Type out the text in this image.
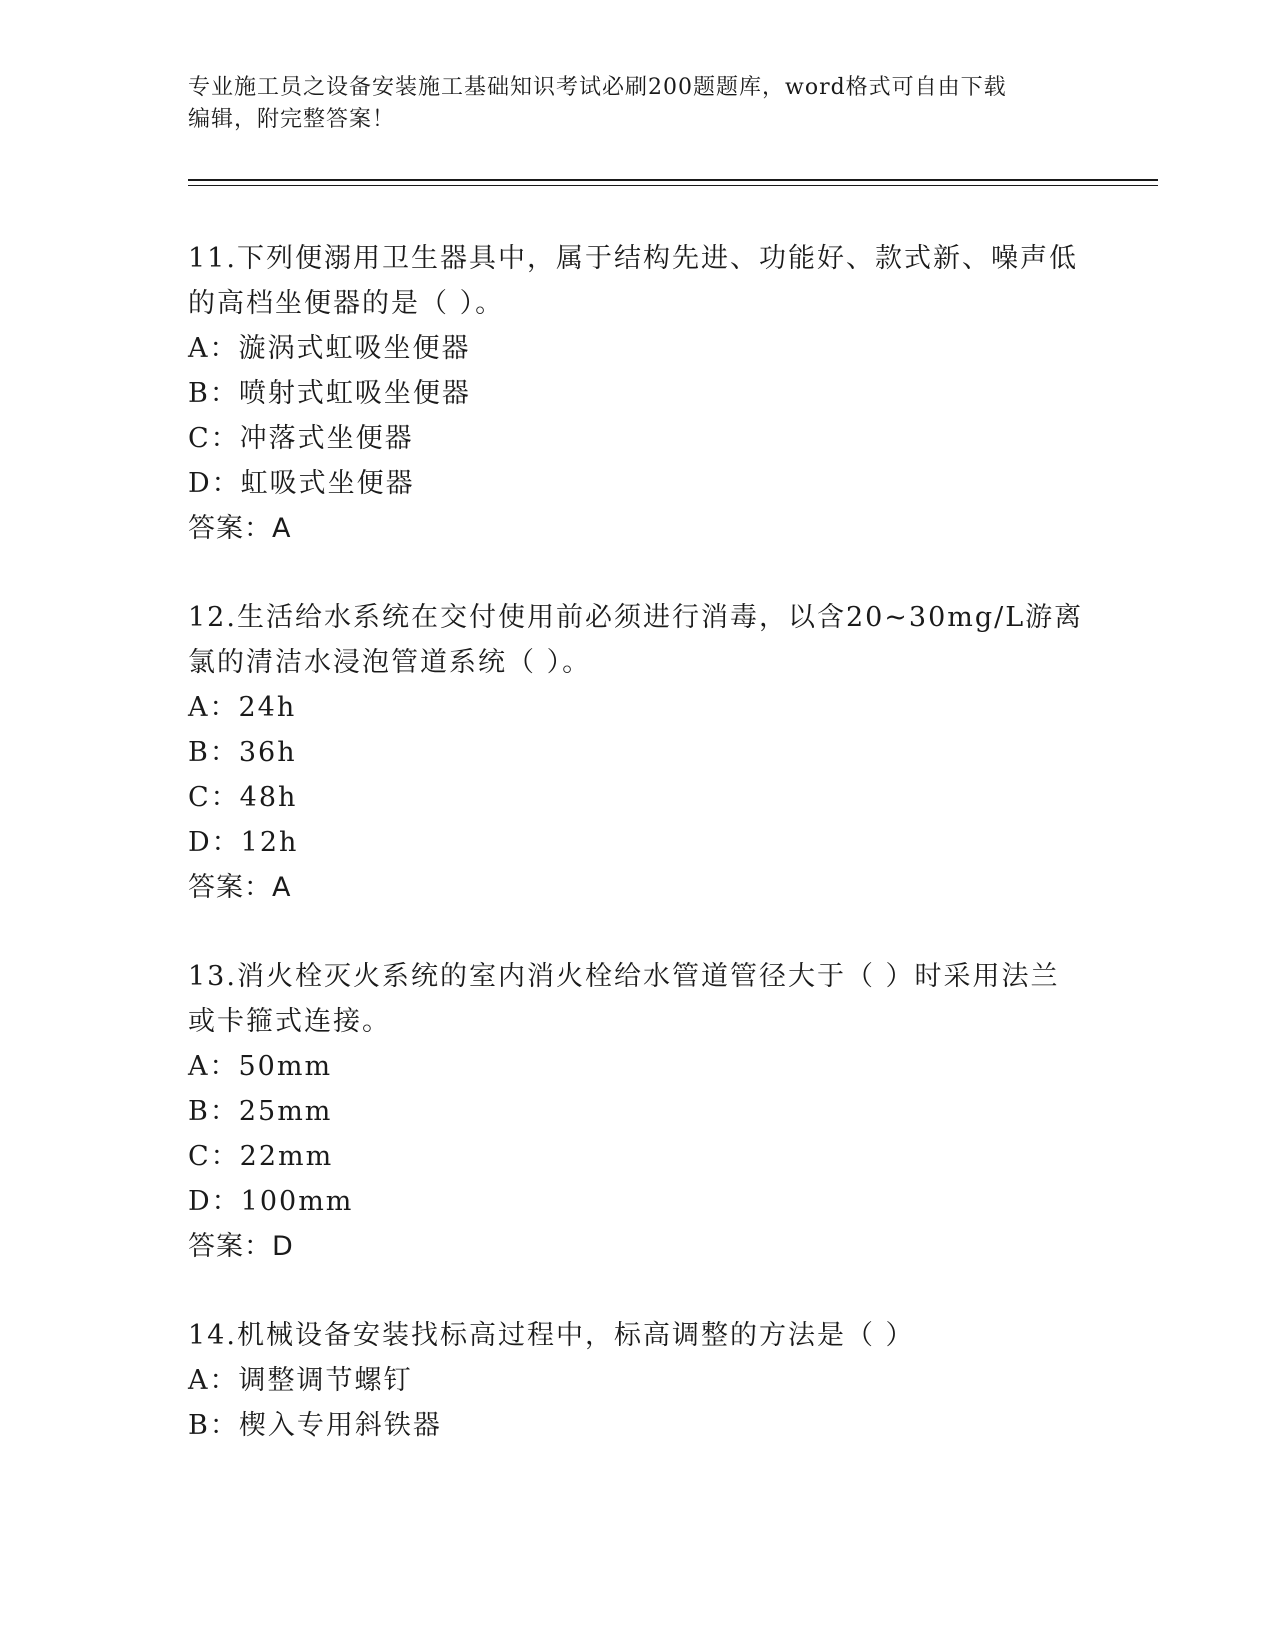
专业施工员之设备安装施工基础知识考试必刷200题题库，word格式可自由下载
编辑，附完整答案！

11.下列便溺用卫生器具中，属于结构先进、功能好、款式新、噪声低的高档坐便器的是（ ）。

A： 漩涡式虹吸坐便器
B： 喷射式虹吸坐便器
C： 冲落式坐便器
D： 虹吸式坐便器

答案：A

12.生活给水系统在交付使用前必须进行消毒，以含20~30mg/L游离氯的清洁水浸泡管道系统（ ）。

A： 24h
B： 36h
C： 48h
D： 12h

答案：A

13.消火栓灭火系统的室内消火栓给水管道管径大于（ ）时采用法兰或卡箍式连接。

A： 50mm
B： 25mm
C： 22mm
D： 100mm

答案：D

14.机械设备安装找标高过程中，标高调整的方法是（ ）

A： 调整调节螺钉
B： 楔入专用斜铁器
